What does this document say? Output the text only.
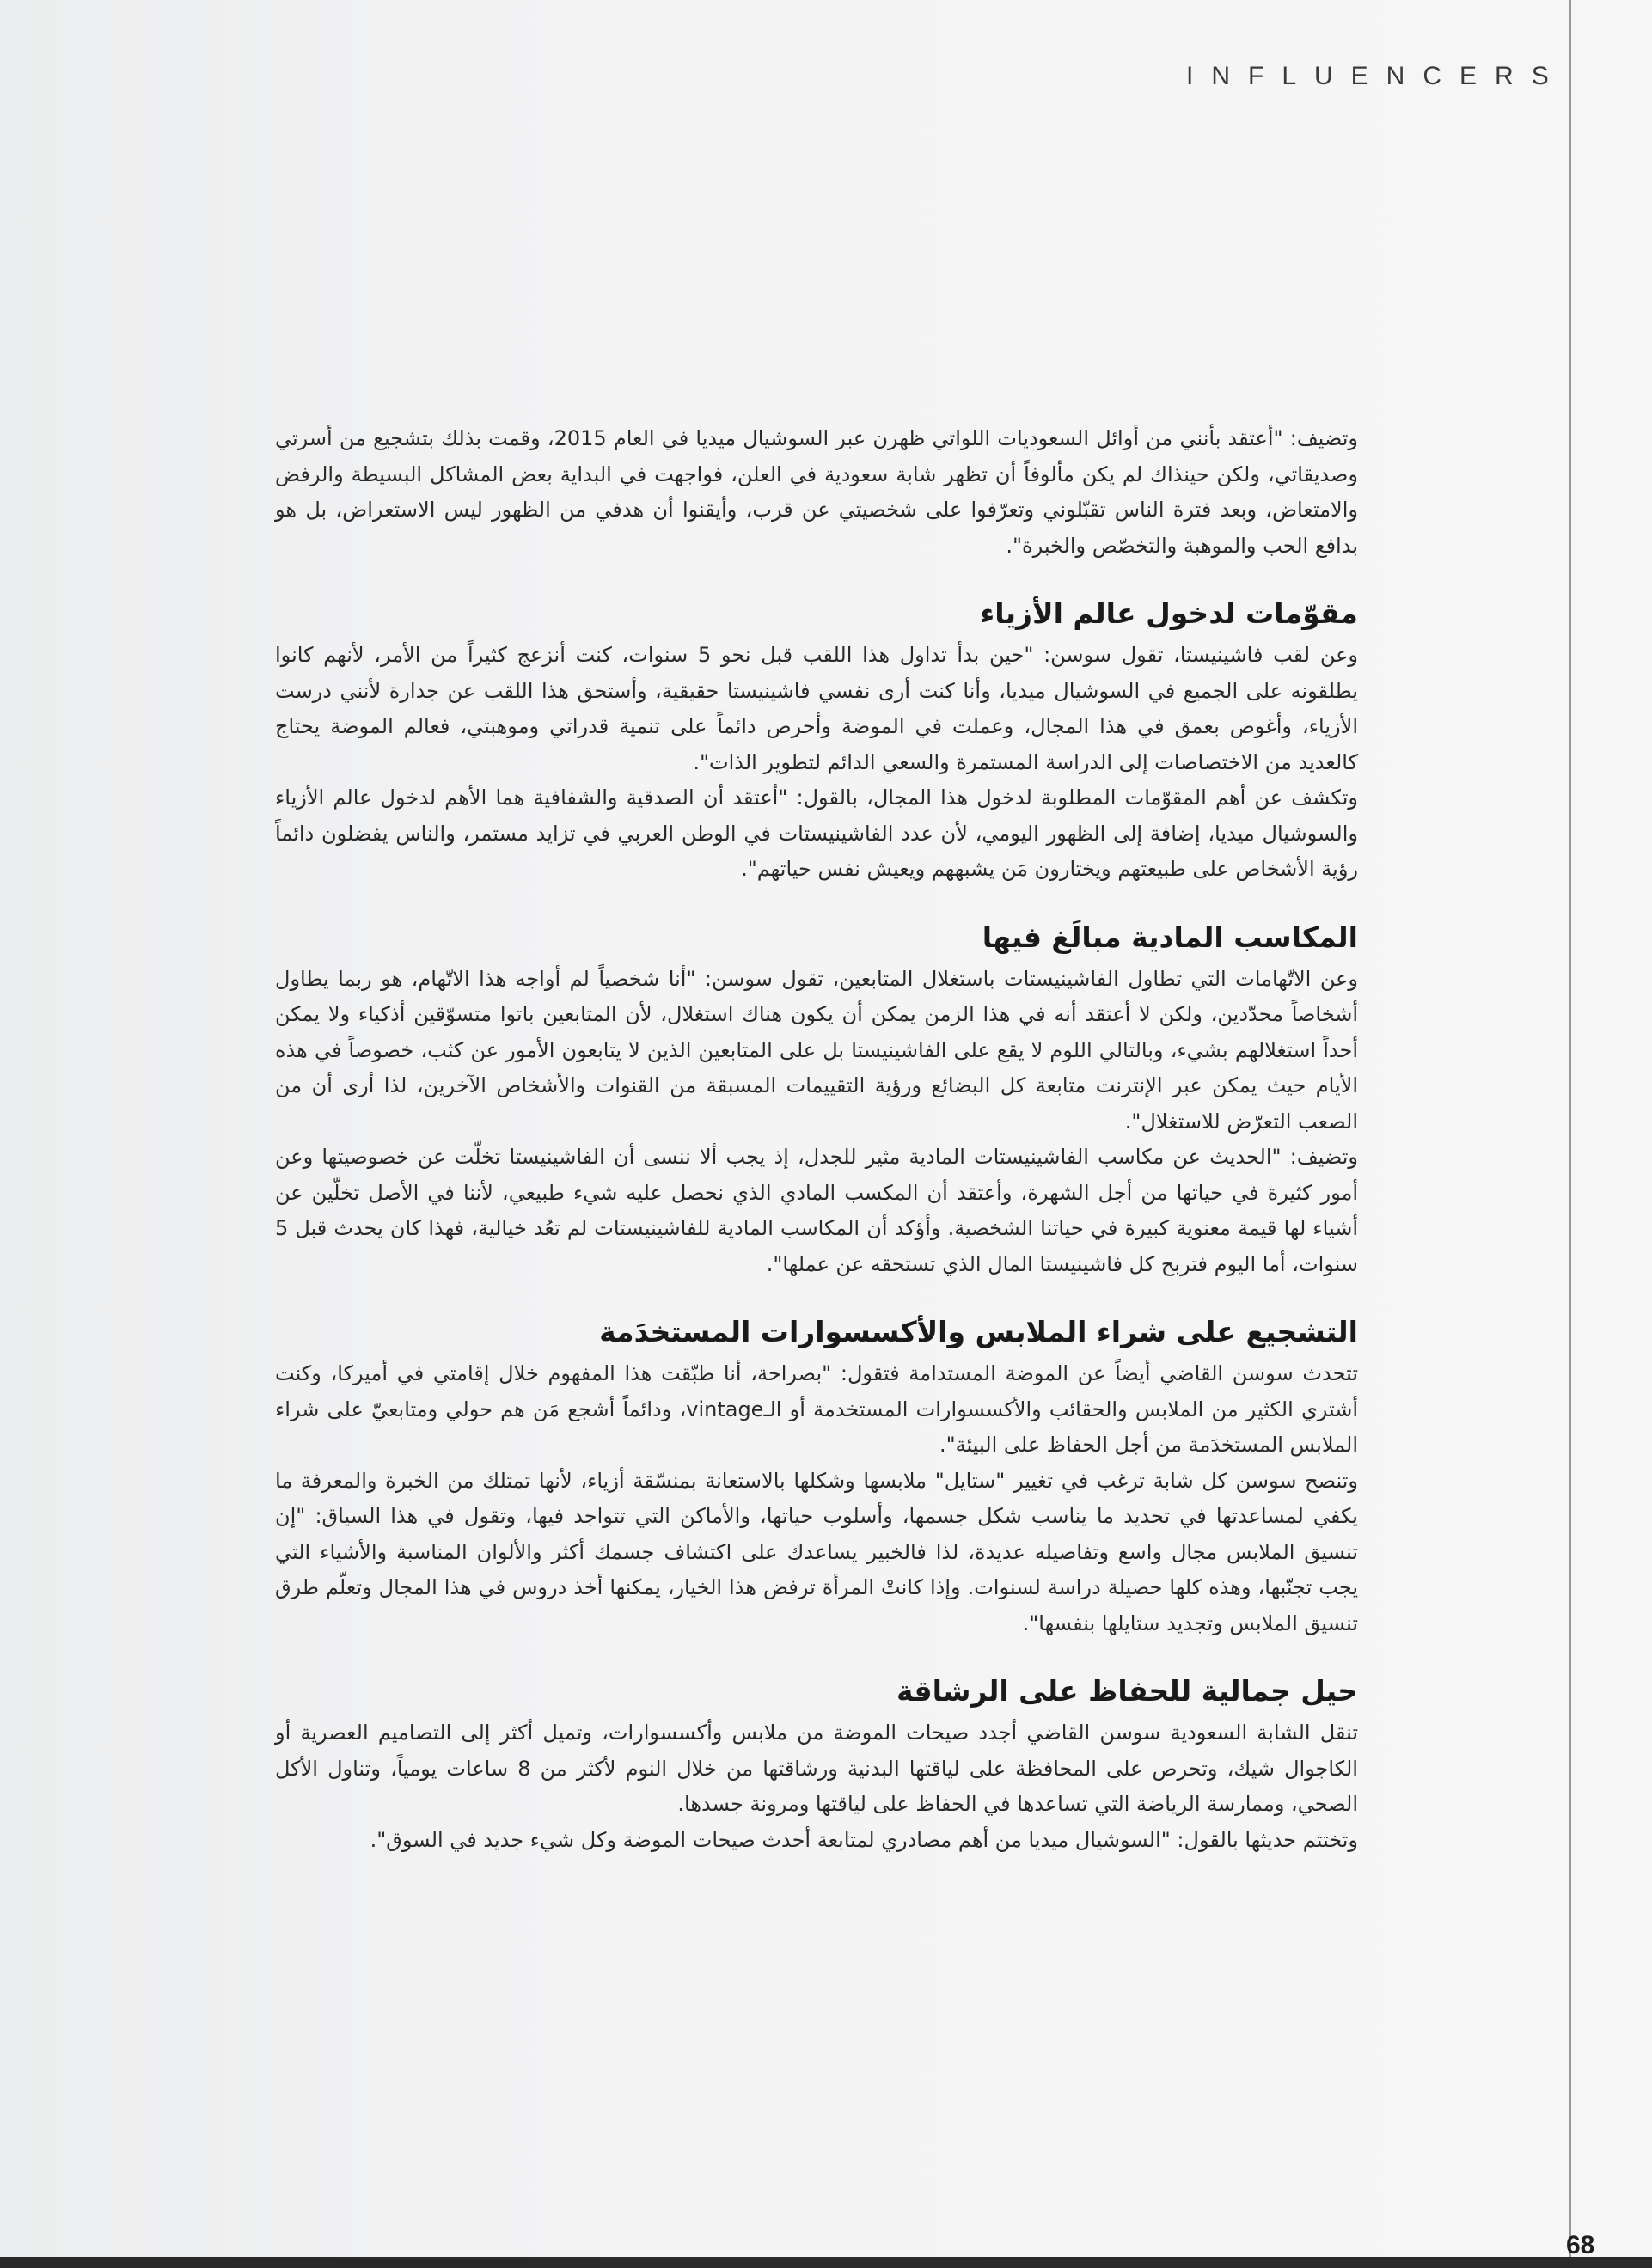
INFLUENCERS

وتضيف: "أعتقد بأنني من أوائل السعوديات اللواتي ظهرن عبر السوشيال ميديا في العام 2015، وقمت بذلك بتشجيع من أسرتي وصديقاتي، ولكن حينذاك لم يكن مألوفاً أن تظهر شابة سعودية في العلن، فواجهت في البداية بعض المشاكل البسيطة والرفض والامتعاض، وبعد فترة الناس تقبّلوني وتعرّفوا على شخصيتي عن قرب، وأيقنوا أن هدفي من الظهور ليس الاستعراض، بل هو بدافع الحب والموهبة والتخصّص والخبرة".

مقوّمات لدخول عالم الأزياء

وعن لقب فاشينيستا، تقول سوسن: "حين بدأ تداول هذا اللقب قبل نحو 5 سنوات، كنت أنزعج كثيراً من الأمر، لأنهم كانوا يطلقونه على الجميع في السوشيال ميديا، وأنا كنت أرى نفسي فاشينيستا حقيقية، وأستحق هذا اللقب عن جدارة لأنني درست الأزياء، وأغوص بعمق في هذا المجال، وعملت في الموضة وأحرص دائماً على تنمية قدراتي وموهبتي، فعالم الموضة يحتاج كالعديد من الاختصاصات إلى الدراسة المستمرة والسعي الدائم لتطوير الذات".

وتكشف عن أهم المقوّمات المطلوبة لدخول هذا المجال، بالقول: "أعتقد أن الصدقية والشفافية هما الأهم لدخول عالم الأزياء والسوشيال ميديا، إضافة إلى الظهور اليومي، لأن عدد الفاشينيستات في الوطن العربي في تزايد مستمر، والناس يفضلون دائماً رؤية الأشخاص على طبيعتهم ويختارون مَن يشبههم ويعيش نفس حياتهم".

المكاسب المادية مبالَغ فيها

وعن الاتّهامات التي تطاول الفاشينيستات باستغلال المتابعين، تقول سوسن: "أنا شخصياً لم أواجه هذا الاتّهام، هو ربما يطاول أشخاصاً محدّدين، ولكن لا أعتقد أنه في هذا الزمن يمكن أن يكون هناك استغلال، لأن المتابعين باتوا متسوّقين أذكياء ولا يمكن أحداً استغلالهم بشيء، وبالتالي اللوم لا يقع على الفاشينيستا بل على المتابعين الذين لا يتابعون الأمور عن كثب، خصوصاً في هذه الأيام حيث يمكن عبر الإنترنت متابعة كل البضائع ورؤية التقييمات المسبقة من القنوات والأشخاص الآخرين، لذا أرى أن من الصعب التعرّض للاستغلال".

وتضيف: "الحديث عن مكاسب الفاشينيستات المادية مثير للجدل، إذ يجب ألا ننسى أن الفاشينيستا تخلّت عن خصوصيتها وعن أمور كثيرة في حياتها من أجل الشهرة، وأعتقد أن المكسب المادي الذي نحصل عليه شيء طبيعي، لأننا في الأصل تخلّين عن أشياء لها قيمة معنوية كبيرة في حياتنا الشخصية. وأؤكد أن المكاسب المادية للفاشينيستات لم تعُد خيالية، فهذا كان يحدث قبل 5 سنوات، أما اليوم فتربح كل فاشينيستا المال الذي تستحقه عن عملها".

التشجيع على شراء الملابس والأكسسوارات المستخدَمة

تتحدث سوسن القاضي أيضاً عن الموضة المستدامة فتقول: "بصراحة، أنا طبّقت هذا المفهوم خلال إقامتي في أميركا، وكنت أشتري الكثير من الملابس والحقائب والأكسسوارات المستخدمة أو الـvintage، ودائماً أشجع مَن هم حولي ومتابعيّ على شراء الملابس المستخدَمة من أجل الحفاظ على البيئة".

وتنصح سوسن كل شابة ترغب في تغيير "ستايل" ملابسها وشكلها بالاستعانة بمنسّقة أزياء، لأنها تمتلك من الخبرة والمعرفة ما يكفي لمساعدتها في تحديد ما يناسب شكل جسمها، وأسلوب حياتها، والأماكن التي تتواجد فيها، وتقول في هذا السياق: "إن تنسيق الملابس مجال واسع وتفاصيله عديدة، لذا فالخبير يساعدك على اكتشاف جسمك أكثر والألوان المناسبة والأشياء التي يجب تجنّبها، وهذه كلها حصيلة دراسة لسنوات. وإذا كانتْ المرأة ترفض هذا الخيار، يمكنها أخذ دروس في هذا المجال وتعلّم طرق تنسيق الملابس وتجديد ستايلها بنفسها".

حيل جمالية للحفاظ على الرشاقة

تنقل الشابة السعودية سوسن القاضي أجدد صيحات الموضة من ملابس وأكسسوارات، وتميل أكثر إلى التصاميم العصرية أو الكاجوال شيك، وتحرص على المحافظة على لياقتها البدنية ورشاقتها من خلال النوم لأكثر من 8 ساعات يومياً، وتناول الأكل الصحي، وممارسة الرياضة التي تساعدها في الحفاظ على لياقتها ومرونة جسدها.

وتختتم حديثها بالقول: "السوشيال ميديا من أهم مصادري لمتابعة أحدث صيحات الموضة وكل شيء جديد في السوق".

68
